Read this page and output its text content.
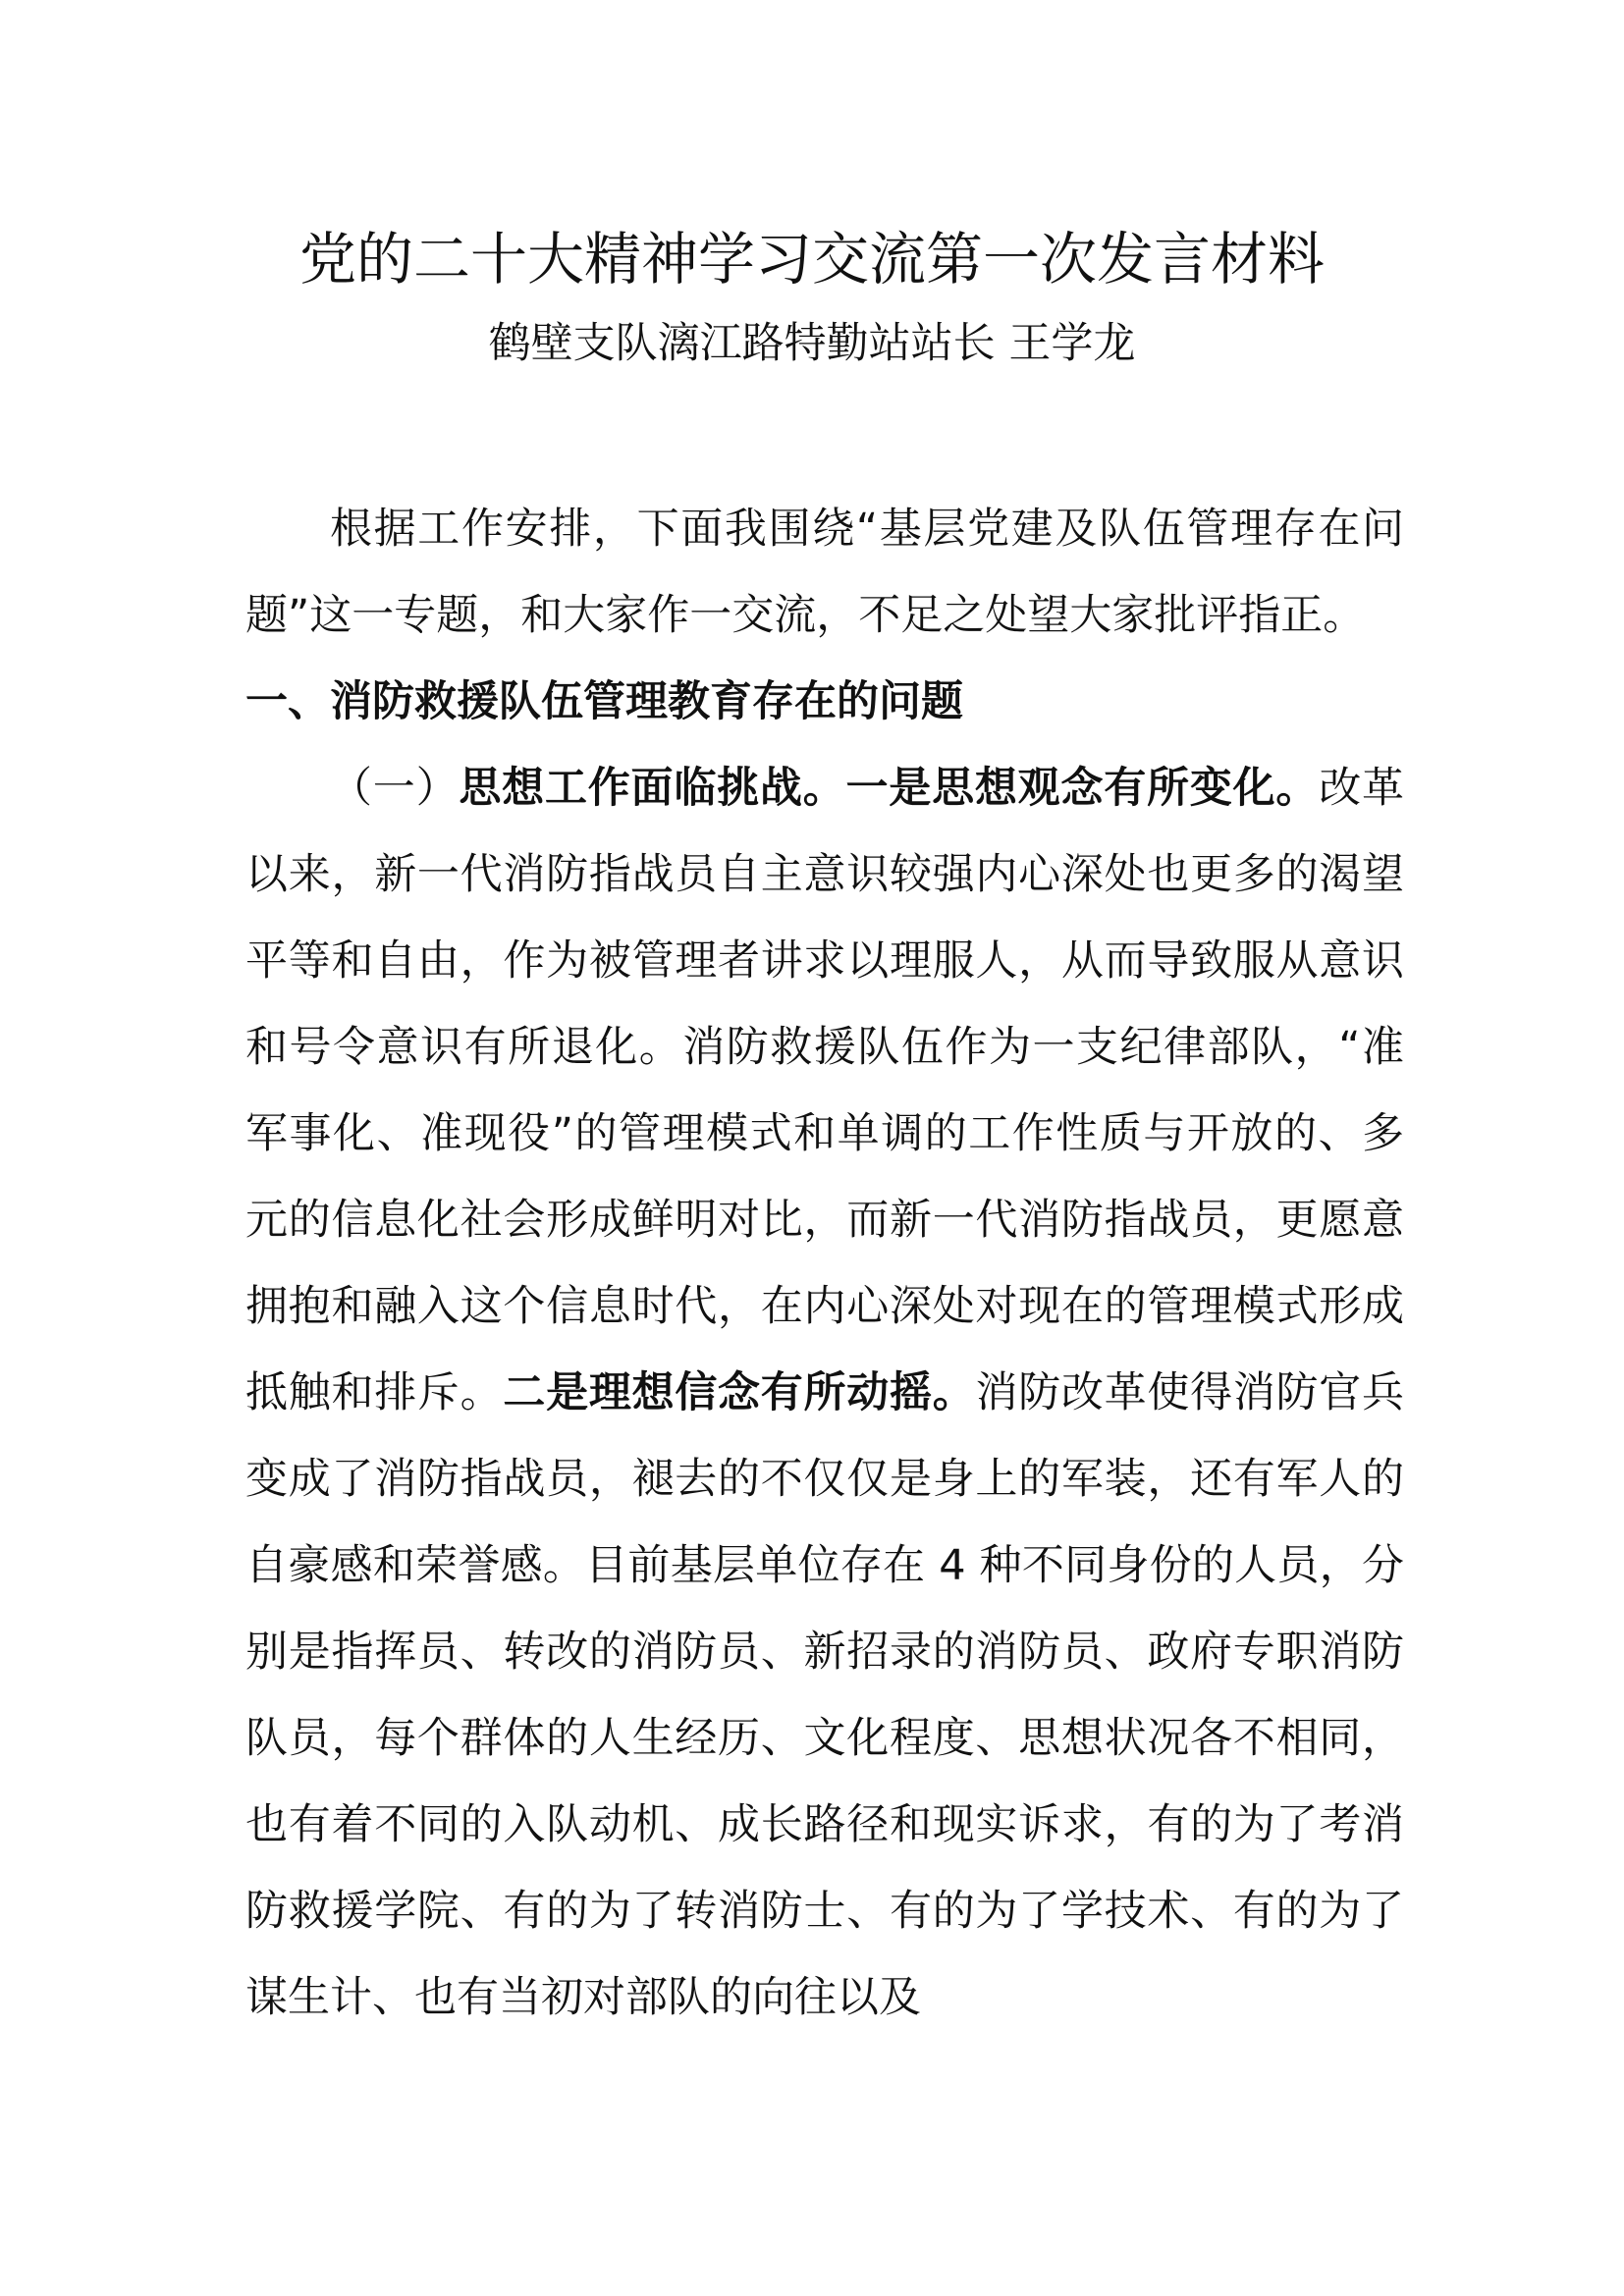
党的二十大精神学习交流第一次发言材料
鹤壁支队漓江路特勤站站长 王学龙

根据工作安排，下面我围绕“基层党建及队伍管理存在问题”这一专题，和大家作一交流，不足之处望大家批评指正。

一、消防救援队伍管理教育存在的问题

（一）思想工作面临挑战。一是思想观念有所变化。改革以来，新一代消防指战员自主意识较强内心深处也更多的渴望平等和自由，作为被管理者讲求以理服人，从而导致服从意识和号令意识有所退化。消防救援队伍作为一支纪律部队，“准军事化、准现役”的管理模式和单调的工作性质与开放的、多元的信息化社会形成鲜明对比，而新一代消防指战员，更愿意拥抱和融入这个信息时代，在内心深处对现在的管理模式形成抵触和排斥。二是理想信念有所动摇。消防改革使得消防官兵变成了消防指战员，褪去的不仅仅是身上的军装，还有军人的自豪感和荣誉感。目前基层单位存在 4 种不同身份的人员，分别是指挥员、转改的消防员、新招录的消防员、政府专职消防队员，每个群体的人生经历、文化程度、思想状况各不相同，也有着不同的入队动机、成长路径和现实诉求，有的为了考消防救援学院、有的为了转消防士、有的为了学技术、有的为了谋生计、也有当初对部队的向往以及
